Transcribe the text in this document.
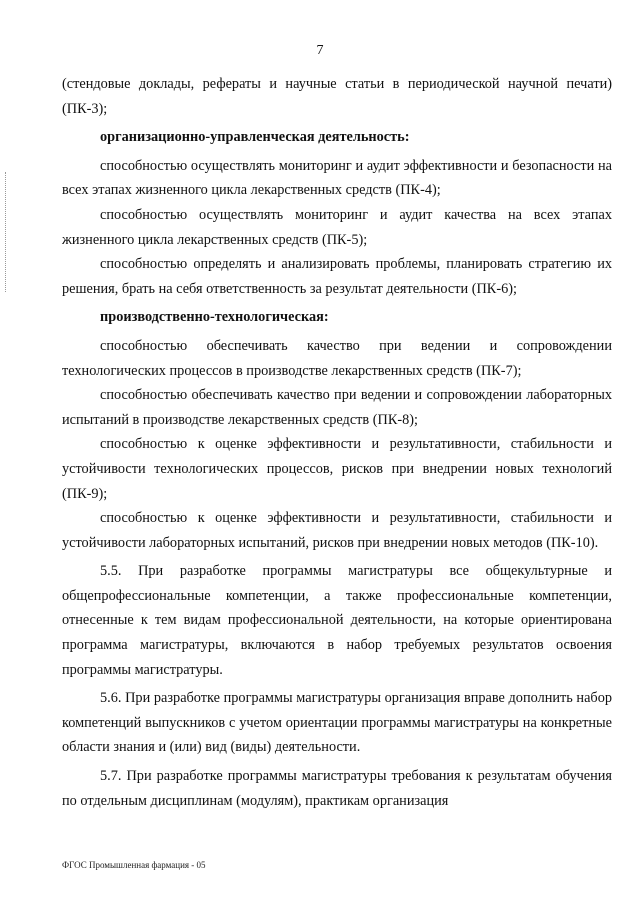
7

(стендовые доклады, рефераты и научные статьи в периодической научной печати) (ПК-3);

организационно-управленческая деятельность:

способностью осуществлять мониторинг и аудит эффективности и безопасности на всех этапах жизненного цикла лекарственных средств (ПК-4);

способностью осуществлять мониторинг и аудит качества на всех этапах жизненного цикла лекарственных средств (ПК-5);

способностью определять и анализировать проблемы, планировать стратегию их решения, брать на себя ответственность за результат деятельности (ПК-6);

производственно-технологическая:

способностью обеспечивать качество при ведении и сопровождении технологических процессов в производстве лекарственных средств (ПК-7);

способностью обеспечивать качество при ведении и сопровождении лабораторных испытаний в производстве лекарственных средств (ПК-8);

способностью к оценке эффективности и результативности, стабильности и устойчивости технологических процессов, рисков при внедрении новых технологий (ПК-9);

способностью к оценке эффективности и результативности, стабильности и устойчивости лабораторных испытаний, рисков при внедрении новых методов (ПК-10).

5.5. При разработке программы магистратуры все общекультурные и общепрофессиональные компетенции, а также профессиональные компетенции, отнесенные к тем видам профессиональной деятельности, на которые ориентирована программа магистратуры, включаются в набор требуемых результатов освоения программы магистратуры.

5.6. При разработке программы магистратуры организация вправе дополнить набор компетенций выпускников с учетом ориентации программы магистратуры на конкретные области знания и (или) вид (виды) деятельности.

5.7. При разработке программы магистратуры требования к результатам обучения по отдельным дисциплинам (модулям), практикам организация

ФГОС Промышленная фармация - 05
